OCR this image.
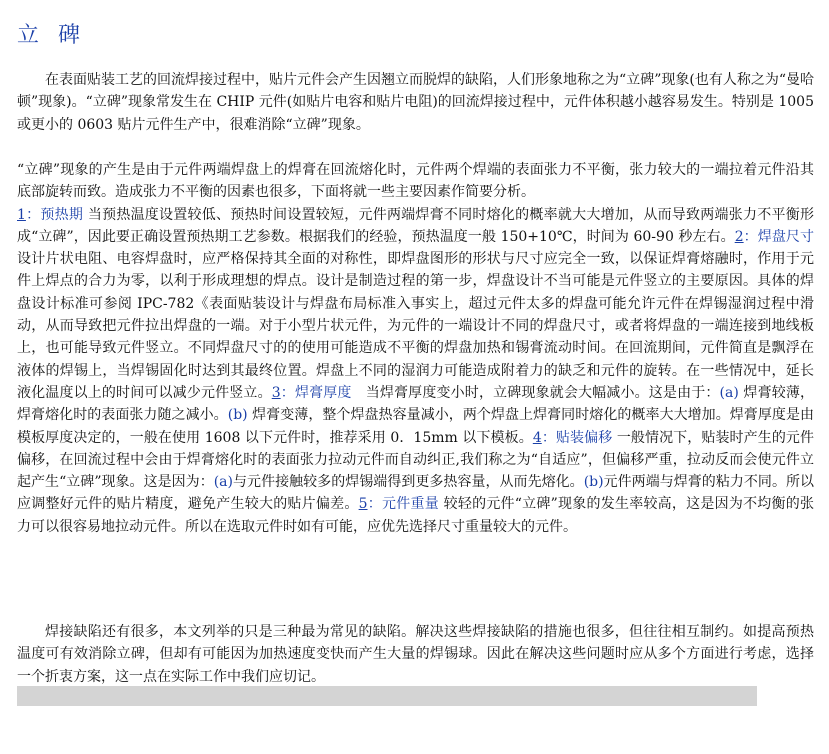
立 碑

在表面贴装工艺的回流焊接过程中，贴片元件会产生因翘立而脱焊的缺陷，人们形象地称之为“立碑”现象(也有人称之为“曼哈顿”现象)。“立碑”现象常发生在 CHIP 元件(如贴片电容和贴片电阻)的回流焊接过程中，元件体积越小越容易发生。特别是 1005 或更小的 0603 贴片元件生产中，很难消除“立碑”现象。

“立碑”现象的产生是由于元件两端焊盘上的焊膏在回流熔化时，元件两个焊端的表面张力不平衡，张力较大的一端拉着元件沿其底部旋转而致。造成张力不平衡的因素也很多，下面将就一些主要因素作简要分析。
1：预热期 当预热温度设置较低、预热时间设置较短，元件两端焊膏不同时熔化的概率就大大增加，从而导致两端张力不平衡形成“立碑”，因此要正确设置预热期工艺参数。根据我们的经验，预热温度一般 150+10℃，时间为 60-90 秒左右。2：焊盘尺寸 设计片状电阻、电容焊盘时，应严格保持其全面的对称性，即焊盘图形的形状与尺寸应完全一致，以保证焊膏熔融时，作用于元件上焊点的合力为零，以利于形成理想的焊点。设计是制造过程的第一步，焊盘设计不当可能是元件竖立的主要原因。具体的焊盘设计标准可参阅 IPC-782《表面贴装设计与焊盘布局标准入事实上，超过元件太多的焊盘可能允许元件在焊锡湿润过程中滑动，从而导致把元件拉出焊盘的一端。对于小型片状元件，为元件的一端设计不同的焊盘尺寸，或者将焊盘的一端连接到地线板上，也可能导致元件竖立。不同焊盘尺寸的的使用可能造成不平衡的焊盘加热和锡膏流动时间。在回流期间，元件简直是飘浮在液体的焊锡上，当焊锡固化时达到其最终位置。焊盘上不同的湿润力可能造成附着力的缺乏和元件的旋转。在一些情况中，延长液化温度以上的时间可以减少元件竖立。3：焊膏厚度　当焊膏厚度变小时，立碑现象就会大幅减小。这是由于：(a) 焊膏较薄，焊膏熔化时的表面张力随之减小。(b) 焊膏变薄，整个焊盘热容量减小，两个焊盘上焊膏同时熔化的概率大大增加。焊膏厚度是由模板厚度决定的，一般在使用 1608 以下元件时，推荐采用 0．15mm 以下模板。4：贴装偏移 一般情况下，贴装时产生的元件偏移，在回流过程中会由于焊膏熔化时的表面张力拉动元件而自动纠正,我们称之为“自适应”，但偏移严重，拉动反而会使元件立起产生“立碑”现象。这是因为：(a)与元件接触较多的焊锡端得到更多热容量，从而先熔化。(b)元件两端与焊膏的粘力不同。所以应调整好元件的贴片精度，避免产生较大的贴片偏差。5：元件重量 较轻的元件“立碑”现象的发生率较高，这是因为不均衡的张力可以很容易地拉动元件。所以在选取元件时如有可能，应优先选择尺寸重量较大的元件。

焊接缺陷还有很多，本文列举的只是三种最为常见的缺陷。解决这些焊接缺陷的措施也很多，但往往相互制约。如提高预热温度可有效消除立碑，但却有可能因为加热速度变快而产生大量的焊锡球。因此在解决这些问题时应从多个方面进行考虑，选择一个折衷方案，这一点在实际工作中我们应切记。
